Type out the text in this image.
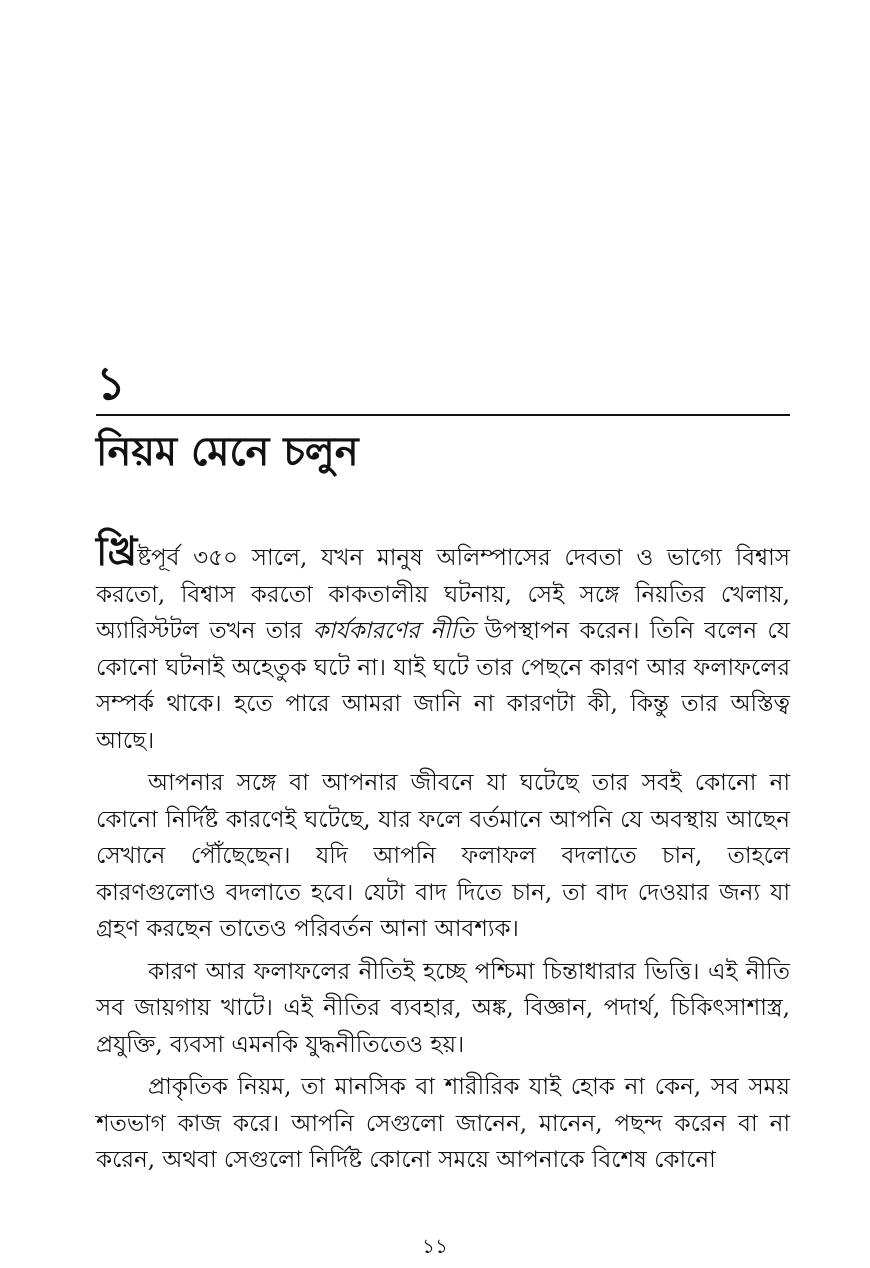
১
নিয়ম মেনে চলুন

খ্রিষ্টপূর্ব ৩৫০ সালে, যখন মানুষ অলিম্পাসের দেবতা ও ভাগ্যে বিশ্বাস করতো, বিশ্বাস করতো কাকতালীয় ঘটনায়, সেই সঙ্গে নিয়তির খেলায়, অ্যারিস্টটল তখন তার কার্যকারণের নীতি উপস্থাপন করেন। তিনি বলেন যে কোনো ঘটনাই অহেতুক ঘটে না। যাই ঘটে তার পেছনে কারণ আর ফলাফলের সম্পর্ক থাকে। হতে পারে আমরা জানি না কারণটা কী, কিন্তু তার অস্তিত্ব আছে।

আপনার সঙ্গে বা আপনার জীবনে যা ঘটেছে তার সবই কোনো না কোনো নির্দিষ্ট কারণেই ঘটেছে, যার ফলে বর্তমানে আপনি যে অবস্থায় আছেন সেখানে পৌঁছেছেন। যদি আপনি ফলাফল বদলাতে চান, তাহলে কারণগুলোও বদলাতে হবে। যেটা বাদ দিতে চান, তা বাদ দেওয়ার জন্য যা গ্রহণ করছেন তাতেও পরিবর্তন আনা আবশ্যক।

কারণ আর ফলাফলের নীতিই হচ্ছে পশ্চিমা চিন্তাধারার ভিত্তি। এই নীতি সব জায়গায় খাটে। এই নীতির ব্যবহার, অঙ্ক, বিজ্ঞান, পদার্থ, চিকিৎসাশাস্ত্র, প্রযুক্তি, ব্যবসা এমনকি যুদ্ধনীতিতেও হয়।

প্রাকৃতিক নিয়ম, তা মানসিক বা শারীরিক যাই হোক না কেন, সব সময় শতভাগ কাজ করে। আপনি সেগুলো জানেন, মানেন, পছন্দ করেন বা না করেন, অথবা সেগুলো নির্দিষ্ট কোনো সময়ে আপনাকে বিশেষ কোনো

১১
